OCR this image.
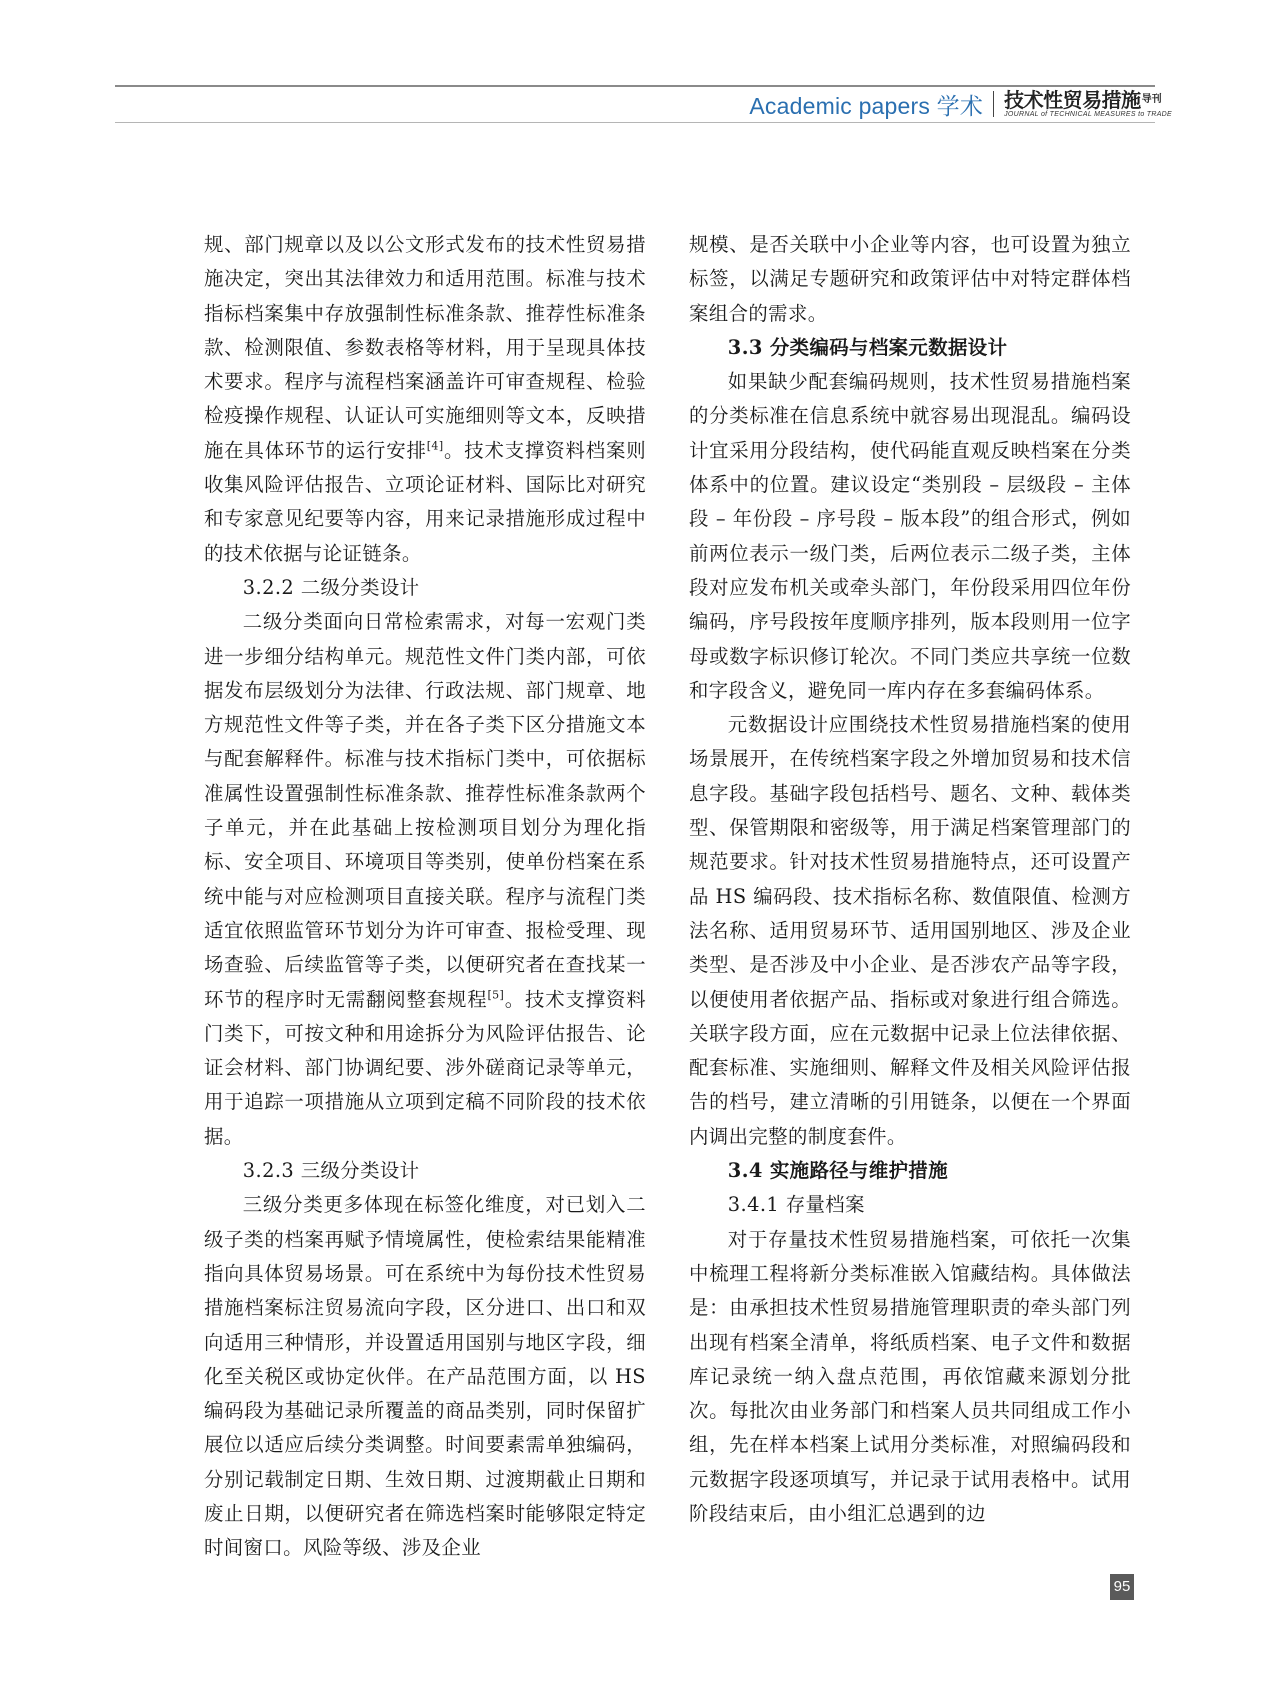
Academic papers 学术 技术性贸易措施$^{导刊}$
JOURNAL of TECHNICAL MEASURES to TRADE

规、部门规章以及以公文形式发布的技术性贸易措施决定，突出其法律效力和适用范围。标准与技术指标档案集中存放强制性标准条款、推荐性标准条款、检测限值、参数表格等材料，用于呈现具体技术要求。程序与流程档案涵盖许可审查规程、检验检疫操作规程、认证认可实施细则等文本，反映措施在具体环节的运行安排[4]。技术支撑资料档案则收集风险评估报告、立项论证材料、国际比对研究和专家意见纪要等内容，用来记录措施形成过程中的技术依据与论证链条。

3.2.2 二级分类设计

二级分类面向日常检索需求，对每一宏观门类进一步细分结构单元。规范性文件门类内部，可依据发布层级划分为法律、行政法规、部门规章、地方规范性文件等子类，并在各子类下区分措施文本与配套解释件。标准与技术指标门类中，可依据标准属性设置强制性标准条款、推荐性标准条款两个子单元，并在此基础上按检测项目划分为理化指标、安全项目、环境项目等类别，使单份档案在系统中能与对应检测项目直接关联。程序与流程门类适宜依照监管环节划分为许可审查、报检受理、现场查验、后续监管等子类，以便研究者在查找某一环节的程序时无需翻阅整套规程[5]。技术支撑资料门类下，可按文种和用途拆分为风险评估报告、论证会材料、部门协调纪要、涉外磋商记录等单元，用于追踪一项措施从立项到定稿不同阶段的技术依据。

3.2.3 三级分类设计

三级分类更多体现在标签化维度，对已划入二级子类的档案再赋予情境属性，使检索结果能精准指向具体贸易场景。可在系统中为每份技术性贸易措施档案标注贸易流向字段，区分进口、出口和双向适用三种情形，并设置适用国别与地区字段，细化至关税区或协定伙伴。在产品范围方面，以 HS 编码段为基础记录所覆盖的商品类别，同时保留扩展位以适应后续分类调整。时间要素需单独编码，分别记载制定日期、生效日期、过渡期截止日期和废止日期，以便研究者在筛选档案时能够限定特定时间窗口。风险等级、涉及企业

规模、是否关联中小企业等内容，也可设置为独立标签，以满足专题研究和政策评估中对特定群体档案组合的需求。

3.3 分类编码与档案元数据设计

如果缺少配套编码规则，技术性贸易措施档案的分类标准在信息系统中就容易出现混乱。编码设计宜采用分段结构，使代码能直观反映档案在分类体系中的位置。建议设定“类别段 – 层级段 – 主体段 – 年份段 – 序号段 – 版本段”的组合形式，例如前两位表示一级门类，后两位表示二级子类，主体段对应发布机关或牵头部门，年份段采用四位年份编码，序号段按年度顺序排列，版本段则用一位字母或数字标识修订轮次。不同门类应共享统一位数和字段含义，避免同一库内存在多套编码体系。

元数据设计应围绕技术性贸易措施档案的使用场景展开，在传统档案字段之外增加贸易和技术信息字段。基础字段包括档号、题名、文种、载体类型、保管期限和密级等，用于满足档案管理部门的规范要求。针对技术性贸易措施特点，还可设置产品 HS 编码段、技术指标名称、数值限值、检测方法名称、适用贸易环节、适用国别地区、涉及企业类型、是否涉及中小企业、是否涉农产品等字段，以便使用者依据产品、指标或对象进行组合筛选。关联字段方面，应在元数据中记录上位法律依据、配套标准、实施细则、解释文件及相关风险评估报告的档号，建立清晰的引用链条，以便在一个界面内调出完整的制度套件。

3.4 实施路径与维护措施

3.4.1 存量档案

对于存量技术性贸易措施档案，可依托一次集中梳理工程将新分类标准嵌入馆藏结构。具体做法是：由承担技术性贸易措施管理职责的牵头部门列出现有档案全清单，将纸质档案、电子文件和数据库记录统一纳入盘点范围，再依馆藏来源划分批次。每批次由业务部门和档案人员共同组成工作小组，先在样本档案上试用分类标准，对照编码段和元数据字段逐项填写，并记录于试用表格中。试用阶段结束后，由小组汇总遇到的边

95
